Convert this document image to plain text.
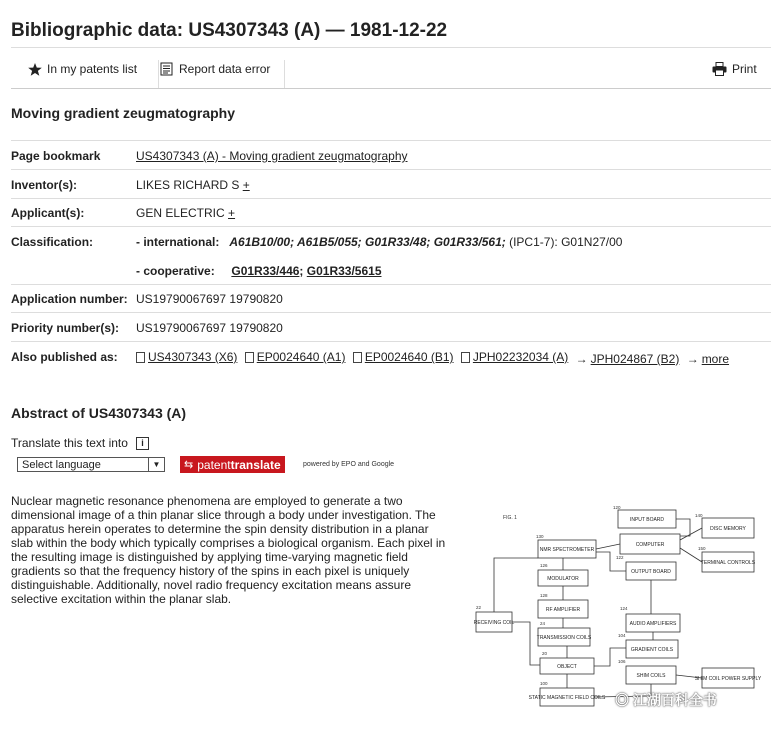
Bibliographic data: US4307343 (A) — 1981-12-22
In my patents list	Report data error	Print
Moving gradient zeugmatography
Page bookmark	US4307343 (A) - Moving gradient zeugmatography
Inventor(s):	LIKES RICHARD S +
Applicant(s):	GEN ELECTRIC +
Classification:	- international: A61B10/00; A61B5/055; G01R33/48; G01R33/561; (IPC1-7): G01N27/00
- cooperative: G01R33/446; G01R33/5615
Application number: US19790067697 19790820
Priority number(s): US19790067697 19790820
Also published as:	US4307343 (X6)
EP0024640 (A1)
EP0024640 (B1)
JPH02232034 (A)
→ JPH024867 (B2)
→ more
Abstract of US4307343 (A)
Translate this text into	i
Select language	▼	⇆ patent translate	powered by EPO and Google

Nuclear magnetic resonance phenomena are employed to generate a two dimensional image of a thin planar slice through a body under investigation. The apparatus herein operates to determine the spin density distribution in a planar slab within the body which typically comprises a biological organism. Each pixel in the resulting image is distinguished by applying time-varying magnetic field gradients so that the frequency history of the spins in each pixel is uniquely distinguishable. Additionally, novel radio frequency excitation means assure selective excitation within the planar slab.

FIG. 1	INPUT BOARD
DISC MEMORY
NMR SPECTROMETER
COMPUTER
TERMINAL CONTROLS
MODULATOR
OUTPUT BOARD
RF AMPLIFIER
AUDIO AMPLIFIERS
RECEIVING COIL
TRANSMISSION COILS
GRADIENT COILS
OBJECT
SHIM COILS	SHIM COIL POWER SUPPLY
STATIC MAGNETIC FIELD COILS
120
130
140
126
122
150
128
124
22
24
104
20
106
100
◎ 江湖百科全书
